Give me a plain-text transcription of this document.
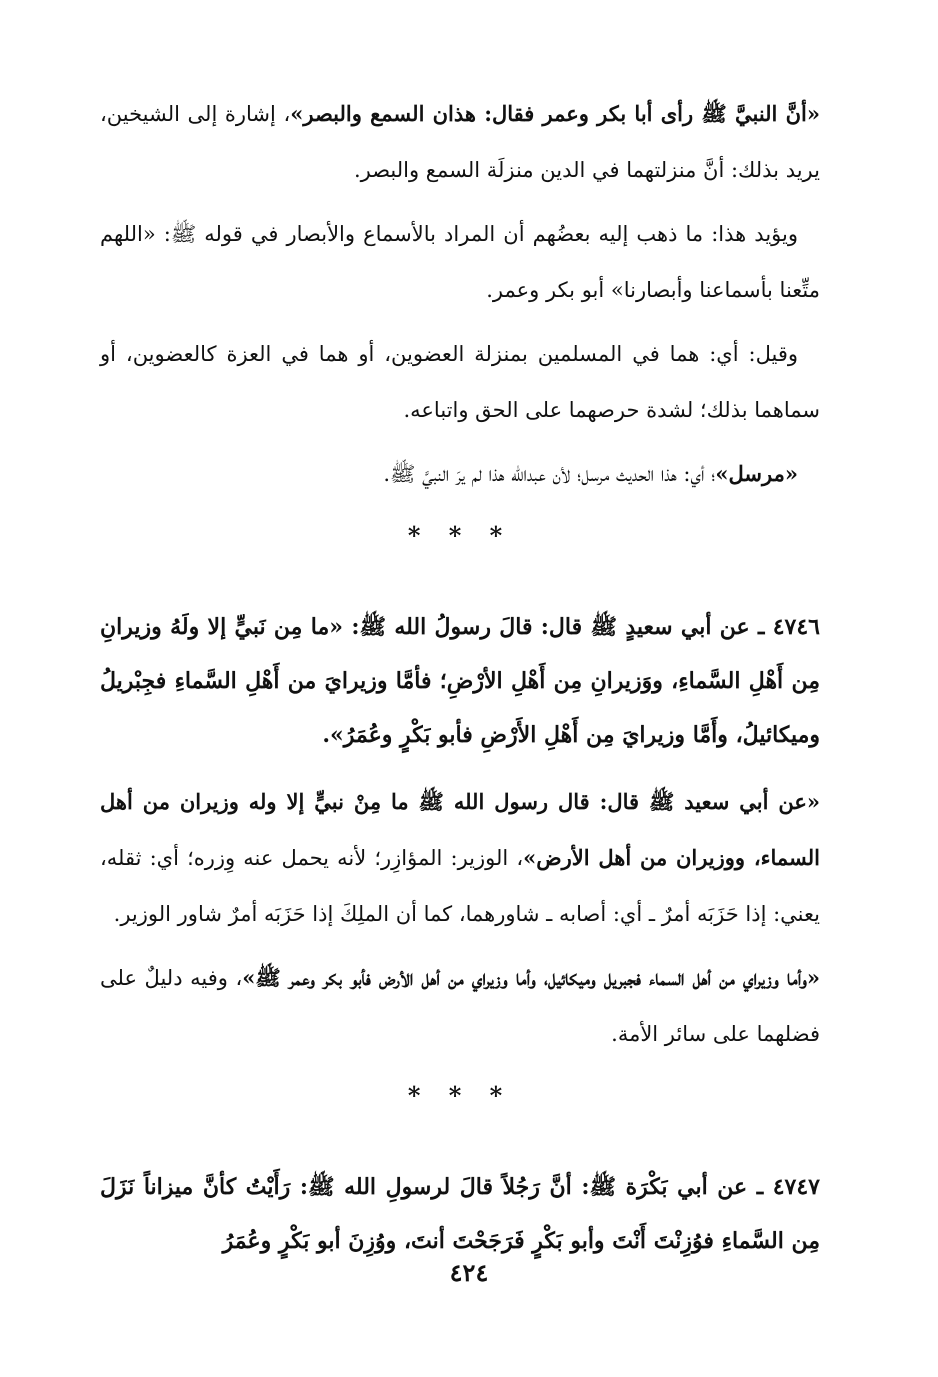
«أنَّ النبيَّ ﷺ رأى أبا بكر وعمر فقال: هذان السمع والبصر»، إشارة إلى الشيخين، يريد بذلك: أنَّ منزلتهما في الدين منزلَة السمع والبصر.

ويؤيد هذا: ما ذهب إليه بعضُهم أن المراد بالأسماع والأبصار في قوله ﷺ: «اللهم متِّعنا بأسماعنا وأبصارنا» أبو بكر وعمر.

وقيل: أي: هما في المسلمين بمنزلة العضوين، أو هما في العزة كالعضوين، أو سماهما بذلك؛ لشدة حرصهما على الحق واتباعه.

«مرسل»؛ أي: هذا الحديث مرسل؛ لأن عبدالله هذا لم يرَ النبيَّ ﷺ.

* * *

٤٧٤٦ ـ عن أبي سعيدٍ ﷺ قال: قالَ رسولُ الله ﷺ: «ما مِن نَبيٍّ إلا ولَهُ وزيرانِ مِن أَهْلِ السَّماءِ، ووَزيرانِ مِن أَهْلِ الأرْضِ؛ فأمَّا وزيرايَ من أَهْلِ السَّماءِ فجِبْريلُ وميكائيلُ، وأَمَّا وزيرايَ مِن أَهْلِ الأَرْضِ فأبو بَكْرٍ وعُمَرُ».

«عن أبي سعيد ﷺ قال: قال رسول الله ﷺ ما مِنْ نبيٍّ إلا وله وزيران من أهل السماء، ووزيران من أهل الأرض»، الوزير: المؤازِر؛ لأنه يحمل عنه وِزره؛ أي: ثقله، يعني: إذا حَزَبَه أمرٌ ـ أي: أصابه ـ شاورهما، كما أن الملِكَ إذا حَزَبَه أمرٌ شاور الوزير.

«وأما وزيراي من أهل السماء فجبريل وميكائيل، وأما وزيراي من أهل الأرض فأبو بكر وعمر ﷺ»، وفيه دليلٌ على فضلهما على سائر الأمة.

* * *

٤٧٤٧ ـ عن أبي بَكْرَة ﷺ: أنَّ رَجُلاً قالَ لرسولِ الله ﷺ: رَأَيْتُ كأنَّ ميزاناً نَزَلَ مِن السَّماءِ فوُزِنْتَ أَنْتَ وأبو بَكْرٍ فَرَجَحْتَ أنتَ، ووُزِنَ أبو بَكْرٍ وعُمَرُ

٤٢٤
